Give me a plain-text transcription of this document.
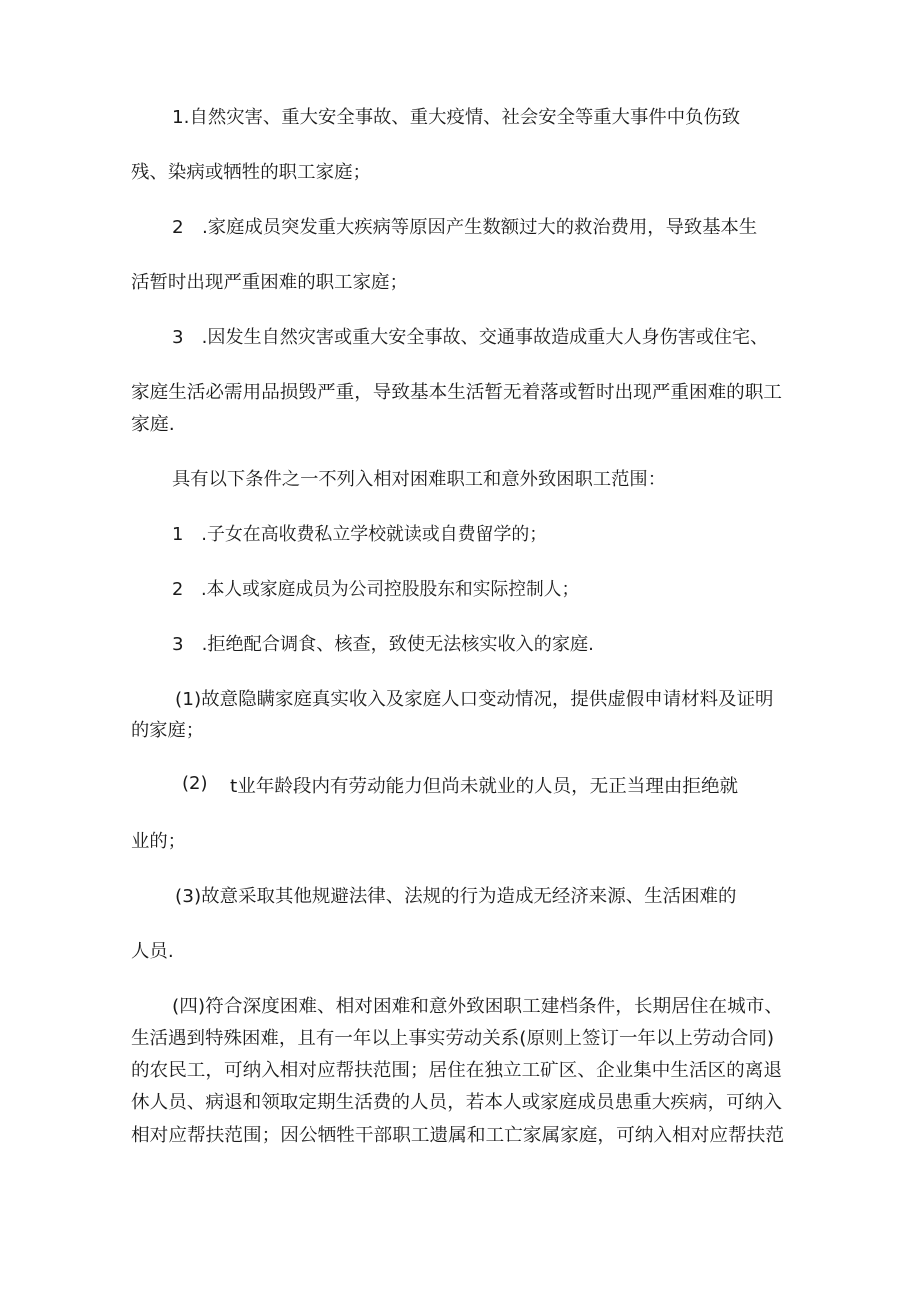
1.自然灾害、重大安全事故、重大疫情、社会安全等重大事件中负伤致
残、染病或牺牲的职工家庭；
2　.家庭成员突发重大疾病等原因产生数额过大的救治费用，导致基本生
活暂时出现严重困难的职工家庭；
3　.因发生自然灾害或重大安全事故、交通事故造成重大人身伤害或住宅、
家庭生活必需用品损毁严重，导致基本生活暂无着落或暂时出现严重困难的职工
家庭.
具有以下条件之一不列入相对困难职工和意外致困职工范围：
1　.子女在高收费私立学校就读或自费留学的；
2　.本人或家庭成员为公司控股股东和实际控制人；
3　.拒绝配合调食、核查，致使无法核实收入的家庭.
(1)故意隐瞒家庭真实收入及家庭人口变动情况，提供虚假申请材料及证明
的家庭；
(2) t业年龄段内有劳动能力但尚未就业的人员，无正当理由拒绝就
业的；
(3)故意采取其他规避法律、法规的行为造成无经济来源、生活困难的
人员.
(四)符合深度困难、相对困难和意外致困职工建档条件，长期居住在城市、
生活遇到特殊困难，且有一年以上事实劳动关系(原则上签订一年以上劳动合同)
的农民工，可纳入相对应帮扶范围；居住在独立工矿区、企业集中生活区的离退
休人员、病退和领取定期生活费的人员，若本人或家庭成员患重大疾病，可纳入
相对应帮扶范围；因公牺牲干部职工遗属和工亡家属家庭，可纳入相对应帮扶范
